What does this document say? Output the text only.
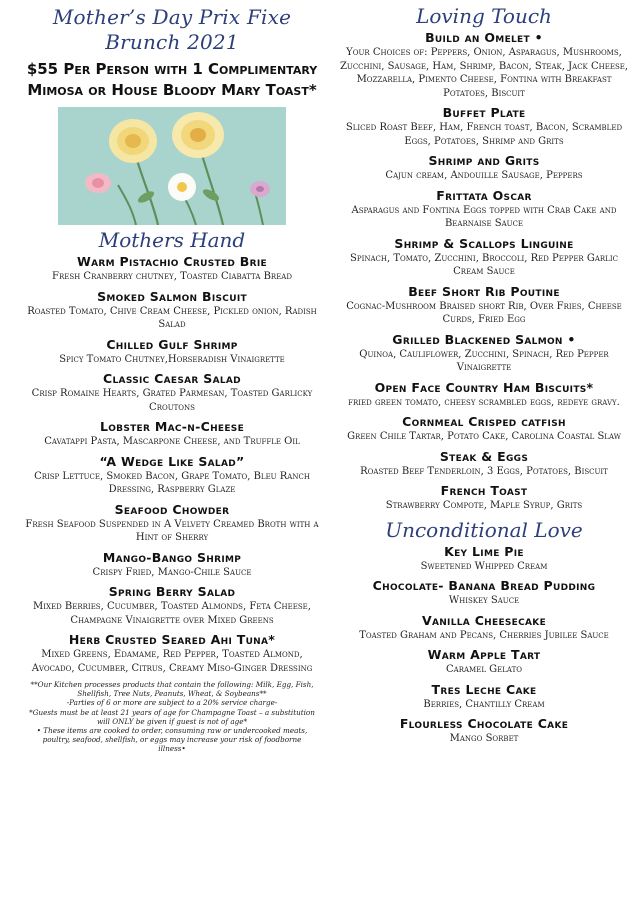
Mother’s Day Prix Fixe Brunch 2021
$55 Per Person with 1 Complimentary Mimosa or House Bloody Mary Toast*
Mothers Hand
Warm Pistachio Crusted Brie
Fresh Cranberry chutney, Toasted Ciabatta Bread
Smoked Salmon Biscuit
Roasted Tomato, Chive Cream Cheese, Pickled onion, Radish Salad
Chilled Gulf Shrimp
Spicy Tomato Chutney,Horseradish Vinaigrette
Classic Caesar Salad
Crisp Romaine Hearts, Grated Parmesan, Toasted Garlicky Croutons
Lobster Mac-n-Cheese
Cavatappi Pasta, Mascarpone Cheese, and Truffle Oil
“A Wedge Like Salad”
Crisp Lettuce, Smoked Bacon, Grape Tomato, Bleu Ranch Dressing, Raspberry Glaze
Seafood Chowder
Fresh Seafood Suspended in A Velvety Creamed Broth with a Hint of Sherry
Mango-Bango Shrimp
Crispy Fried, Mango-Chile Sauce
Spring Berry Salad
Mixed Berries, Cucumber, Toasted Almonds, Feta Cheese, Champagne Vinaigrette over Mixed Greens
Herb Crusted Seared Ahi Tuna*
Mixed Greens, Edamame, Red Pepper, Toasted Almond, Avocado, Cucumber, Citrus, Creamy Miso-Ginger Dressing

**Our Kitchen processes products that contain the following: Milk, Egg, Fish, Shellfish, Tree Nuts, Peanuts, Wheat, & Soybeans**

-Parties of 6 or more are subject to a 20% service charge-

*Guests must be at least 21 years of age for Champagne Toast – a substitution will ONLY be given if guest is not of age*

• These items are cooked to order, consuming raw or undercooked meats, poultry, seafood, shellfish, or eggs may increase your risk of foodborne illness•

Loving Touch
Build an Omelet •
Your Choices of: Peppers, Onion, Asparagus, Mushrooms, Zucchini, Sausage, Ham, Shrimp, Bacon, Steak, Jack Cheese, Mozzarella, Pimento Cheese, Fontina with Breakfast Potatoes, Biscuit
Buffet Plate
Sliced Roast Beef, Ham, French toast, Bacon, Scrambled Eggs, Potatoes, Shrimp and Grits
Shrimp and Grits
Cajun cream, Andouille Sausage, Peppers
Frittata Oscar
Asparagus and Fontina Eggs topped with Crab Cake and Bearnaise Sauce
Shrimp & Scallops Linguine
Spinach, Tomato, Zucchini, Broccoli, Red Pepper Garlic Cream Sauce
Beef Short Rib Poutine
Cognac-Mushroom Braised short Rib, Over Fries, Cheese Curds, Fried Egg
Grilled Blackened Salmon •
Quinoa, Cauliflower, Zucchini, Spinach, Red Pepper Vinaigrette
Open Face Country Ham Biscuits*
fried green tomato, cheesy scrambled eggs, redeye gravy.
Cornmeal Crisped catfish
Green Chile Tartar, Potato Cake, Carolina Coastal Slaw
Steak & Eggs
Roasted Beef Tenderloin, 3 Eggs, Potatoes, Biscuit
French Toast
Strawberry Compote, Maple Syrup, Grits
Unconditional Love
Key Lime Pie
Sweetened Whipped Cream
Chocolate- Banana Bread Pudding
Whiskey Sauce
Vanilla Cheesecake
Toasted Graham and Pecans, Cherries Jubilee Sauce
Warm Apple Tart
Caramel Gelato
Tres Leche Cake
Berries, Chantilly Cream
Flourless Chocolate Cake
Mango Sorbet
